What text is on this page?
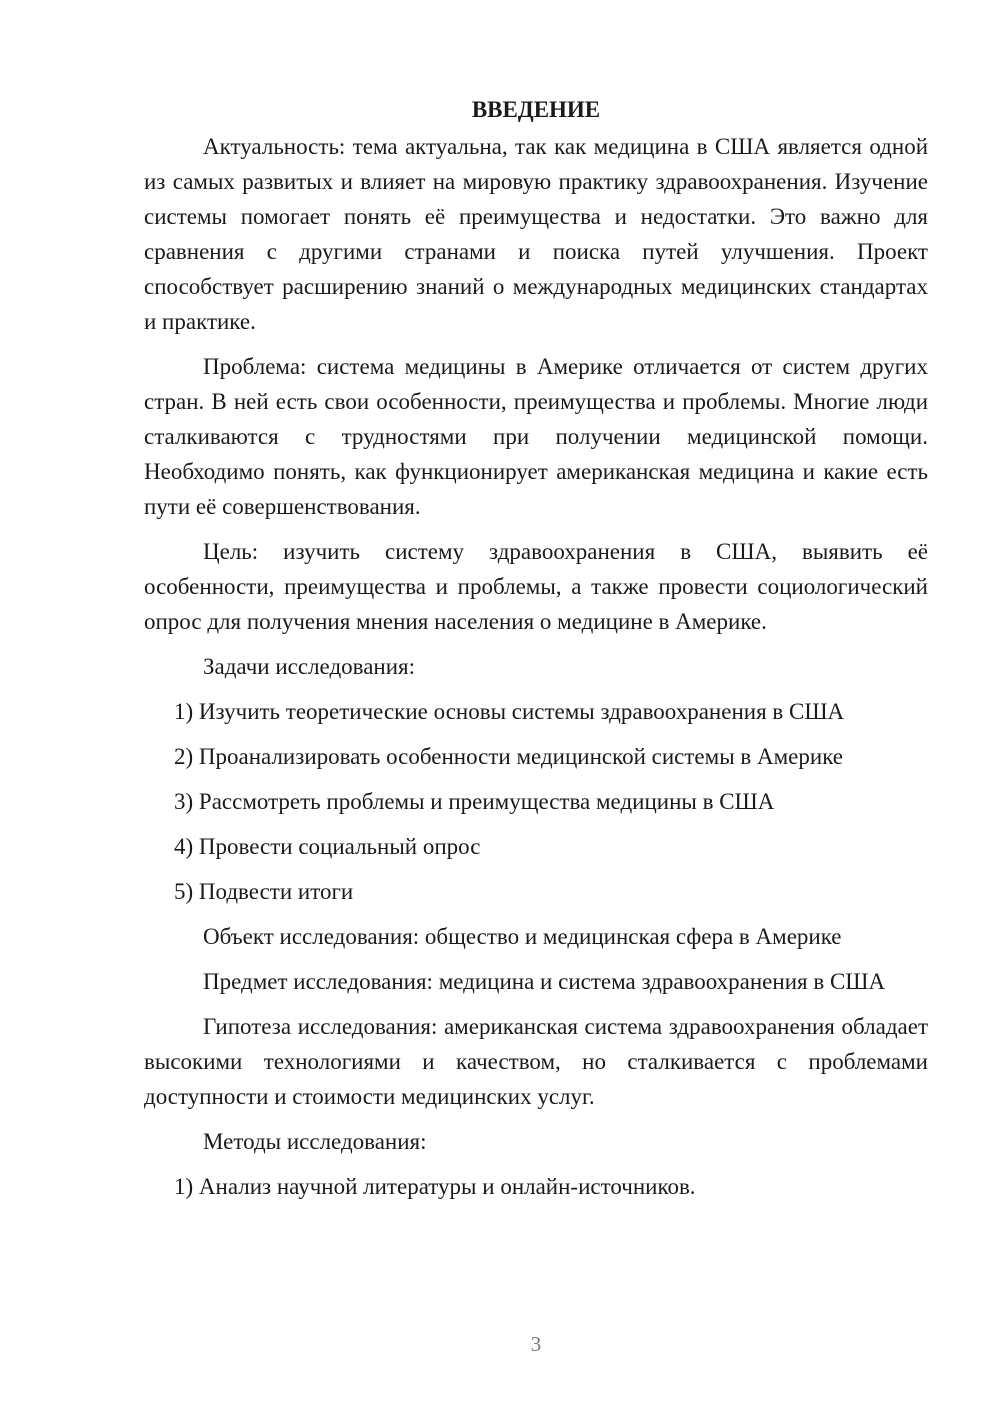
ВВЕДЕНИЕ

Актуальность: тема актуальна, так как медицина в США является одной из самых развитых и влияет на мировую практику здравоохранения. Изучение системы помогает понять её преимущества и недостатки. Это важно для сравнения с другими странами и поиска путей улучшения. Проект способствует расширению знаний о международных медицинских стандартах и практике.

Проблема: система медицины в Америке отличается от систем других стран. В ней есть свои особенности, преимущества и проблемы. Многие люди сталкиваются с трудностями при получении медицинской помощи. Необходимо понять, как функционирует американская медицина и какие есть пути её совершенствования.

Цель: изучить систему здравоохранения в США, выявить её особенности, преимущества и проблемы, а также провести социологический опрос для получения мнения населения о медицине в Америке.

Задачи исследования:

1) Изучить теоретические основы системы здравоохранения в США
2) Проанализировать особенности медицинской системы в Америке
3) Рассмотреть проблемы и преимущества медицины в США
4) Провести социальный опрос
5) Подвести итоги

Объект исследования: общество и медицинская сфера в Америке

Предмет исследования: медицина и система здравоохранения в США

Гипотеза исследования: американская система здравоохранения обладает высокими технологиями и качеством, но сталкивается с проблемами доступности и стоимости медицинских услуг.

Методы исследования:

1) Анализ научной литературы и онлайн-источников.
3
